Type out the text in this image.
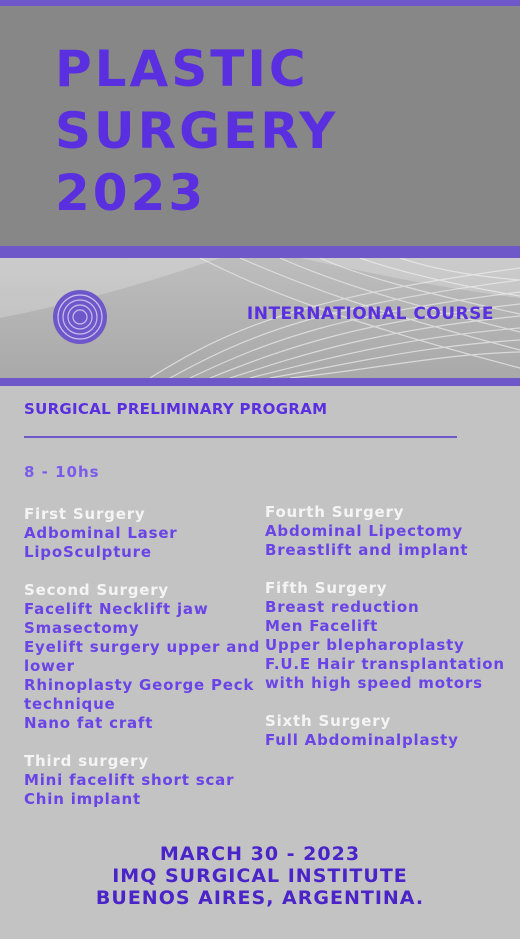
PLASTIC
SURGERY
2023
INTERNATIONAL COURSE
SURGICAL PRELIMINARY PROGRAM
8 - 10hs
First Surgery
Adbominal Laser
LipoSculpture
Second Surgery
Facelift Necklift jaw
Smasectomy
Eyelift surgery upper and
lower
Rhinoplasty George Peck
technique
Nano fat craft
Third surgery
Mini facelift short scar
Chin implant
Fourth Surgery
Abdominal Lipectomy
Breastlift and implant
Fifth Surgery
Breast reduction
Men Facelift
Upper blepharoplasty
F.U.E Hair transplantation
with high speed motors
Sixth Surgery
Full Abdominalplasty
MARCH 30 - 2023
IMQ SURGICAL INSTITUTE
BUENOS AIRES, ARGENTINA.
